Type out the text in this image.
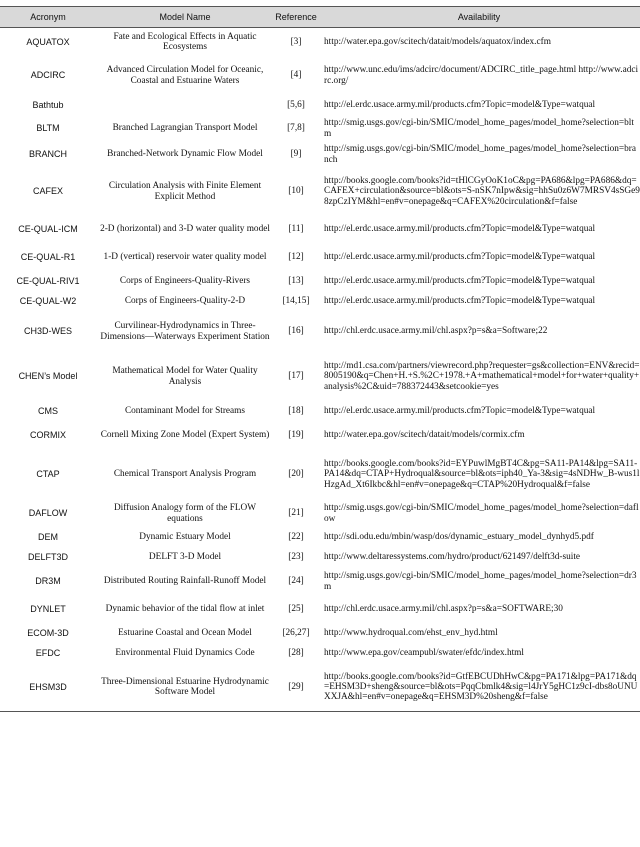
Acronym	Model Name	Reference	Availability
AQUATOX	Fate and Ecological Effects in Aquatic Ecosystems	[3]	http://water.epa.gov/scitech/datait/models/aquatox/index.cfm
ADCIRC	Advanced Circulation Model for Oceanic, Coastal and Estuarine Waters	[4]	http://www.unc.edu/ims/adcirc/document/ADCIRC_title_page.html http://www.adcirc.org/
Bathtub		[5,6]	http://el.erdc.usace.army.mil/products.cfm?Topic=model&Type=watqual
BLTM	Branched Lagrangian Transport Model	[7,8]	http://smig.usgs.gov/cgi-bin/SMIC/model_home_pages/model_home?selection=bltm
BRANCH	Branched-Network Dynamic Flow Model	[9]	http://smig.usgs.gov/cgi-bin/SMIC/model_home_pages/model_home?selection=branch
CAFEX	Circulation Analysis with Finite Element Explicit Method	[10]	http://books.google.com/books?id=tHlCGyOoK1oC&pg=PA686&lpg=PA686&dq=CAFEX+circulation&source=bl&ots=S-nSK7nIpw&sig=hhSu0z6W7MRSV4sSGe98zpCzIYM&hl=en#v=onepage&q=CAFEX%20circulation&f=false
CE-QUAL-ICM	2-D (horizontal) and 3-D water quality model	[11]	http://el.erdc.usace.army.mil/products.cfm?Topic=model&Type=watqual
CE-QUAL-R1	1-D (vertical) reservoir water quality model	[12]	http://el.erdc.usace.army.mil/products.cfm?Topic=model&Type=watqual
CE-QUAL-RIV1	Corps of Engineers-Quality-Rivers	[13]	http://el.erdc.usace.army.mil/products.cfm?Topic=model&Type=watqual
CE-QUAL-W2	Corps of Engineers-Quality-2-D	[14,15]	http://el.erdc.usace.army.mil/products.cfm?Topic=model&Type=watqual
CH3D-WES	Curvilinear-Hydrodynamics in Three-Dimensions—Waterways Experiment Station	[16]	http://chl.erdc.usace.army.mil/chl.aspx?p=s&a=Software;22
CHEN’s Model	Mathematical Model for Water Quality Analysis	[17]	http://md1.csa.com/partners/viewrecord.php?requester=gs&collection=ENV&recid=8005190&q=Chen+H.+S.%2C+1978.+A+mathematical+model+for+water+quality+analysis%2C&uid=788372443&setcookie=yes
CMS	Contaminant Model for Streams	[18]	http://el.erdc.usace.army.mil/products.cfm?Topic=model&Type=watqual
CORMIX	Cornell Mixing Zone Model (Expert System)	[19]	http://water.epa.gov/scitech/datait/models/cormix.cfm
CTAP	Chemical Transport Analysis Program	[20]	http://books.google.com/books?id=EYPuwlMgBT4C&pg=SA11-PA14&lpg=SA11-PA14&dq=CTAP+Hydroqual&source=bl&ots=iph40_Ya-3&sig=4sNDHw_B-wus1lHzgAd_Xt6Ikbc&hl=en#v=onepage&q=CTAP%20Hydroqual&f=false
DAFLOW	Diffusion Analogy form of the FLOW equations	[21]	http://smig.usgs.gov/cgi-bin/SMIC/model_home_pages/model_home?selection=daflow
DEM	Dynamic Estuary Model	[22]	http://sdi.odu.edu/mbin/wasp/dos/dynamic_estuary_model_dynhyd5.pdf
DELFT3D	DELFT 3-D Model	[23]	http://www.deltaressystems.com/hydro/product/621497/delft3d-suite
DR3M	Distributed Routing Rainfall-Runoff Model	[24]	http://smig.usgs.gov/cgi-bin/SMIC/model_home_pages/model_home?selection=dr3m
DYNLET	Dynamic behavior of the tidal flow at inlet	[25]	http://chl.erdc.usace.army.mil/chl.aspx?p=s&a=SOFTWARE;30
ECOM-3D	Estuarine Coastal and Ocean Model	[26,27]	http://www.hydroqual.com/ehst_env_hyd.html
EFDC	Environmental Fluid Dynamics Code	[28]	http://www.epa.gov/ceampubl/swater/efdc/index.html
EHSM3D	Three-Dimensional Estuarine Hydrodynamic Software Model	[29]	http://books.google.com/books?id=GtfEBCUDhHwC&pg=PA171&lpg=PA171&dq=EHSM3D+sheng&source=bl&ots=PqqCbmlk4&sig=l4JrY5gHC1z9cI-dbs8oUNUXXJA&hl=en#v=onepage&q=EHSM3D%20sheng&f=false
